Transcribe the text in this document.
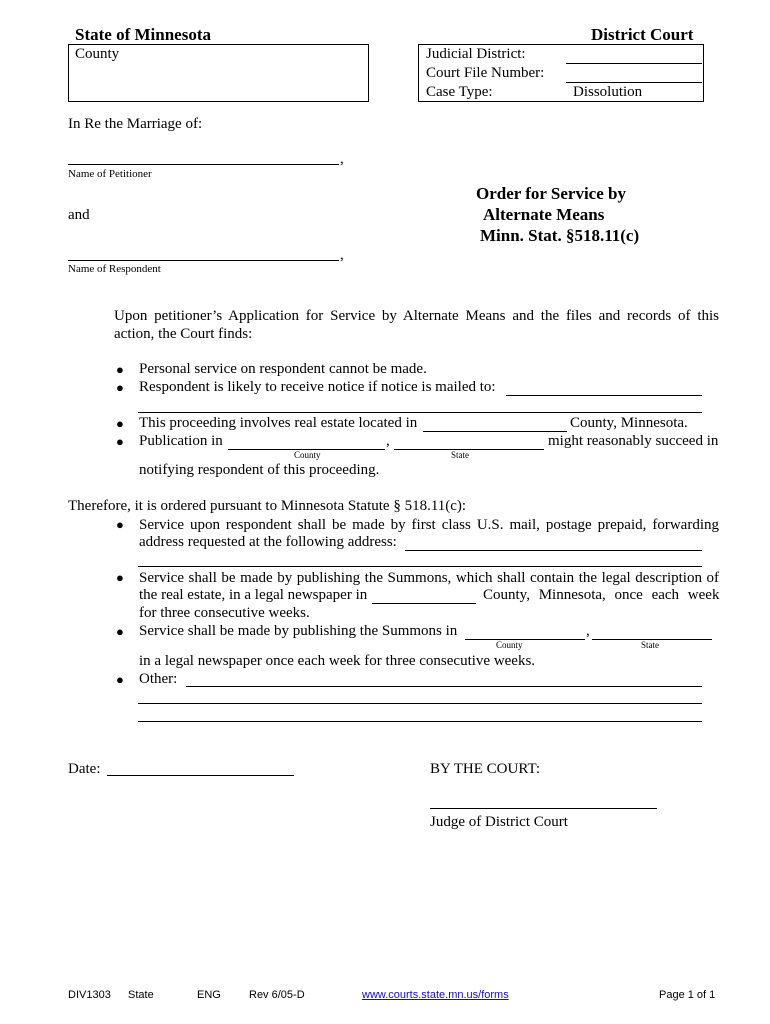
State of Minnesota	District Court
County	Judicial District:
Court File Number:
Case Type:	Dissolution
In Re the Marriage of:
,
Name of Petitioner
and
,
Name of Respondent
Order for Service by
Alternate Means
Minn. Stat. §518.11(c)
Upon petitioner’s Application for Service by Alternate Means and the files and records of this action, the Court finds:
● Personal service on respondent cannot be made.
● Respondent is likely to receive notice if notice is mailed to:
● This proceeding involves real estate located in	County, Minnesota.
● Publication in	,	might reasonably succeed in
County	State
notifying respondent of this proceeding.
Therefore, it is ordered pursuant to Minnesota Statute § 518.11(c):
● Service upon respondent shall be made by first class U.S. mail, postage prepaid, forwarding
address requested at the following address:
● Service shall be made by publishing the Summons, which shall contain the legal description of
the real estate, in a legal newspaper in	County, Minnesota, once each week
for three consecutive weeks.
● Service shall be made by publishing the Summons in	,
County	State
in a legal newspaper once each week for three consecutive weeks.
● Other:
Date:	BY THE COURT:
Judge of District Court
DIV1303 State	ENG	Rev 6/05-D	www.courts.state.mn.us/forms	Page 1 of 1
